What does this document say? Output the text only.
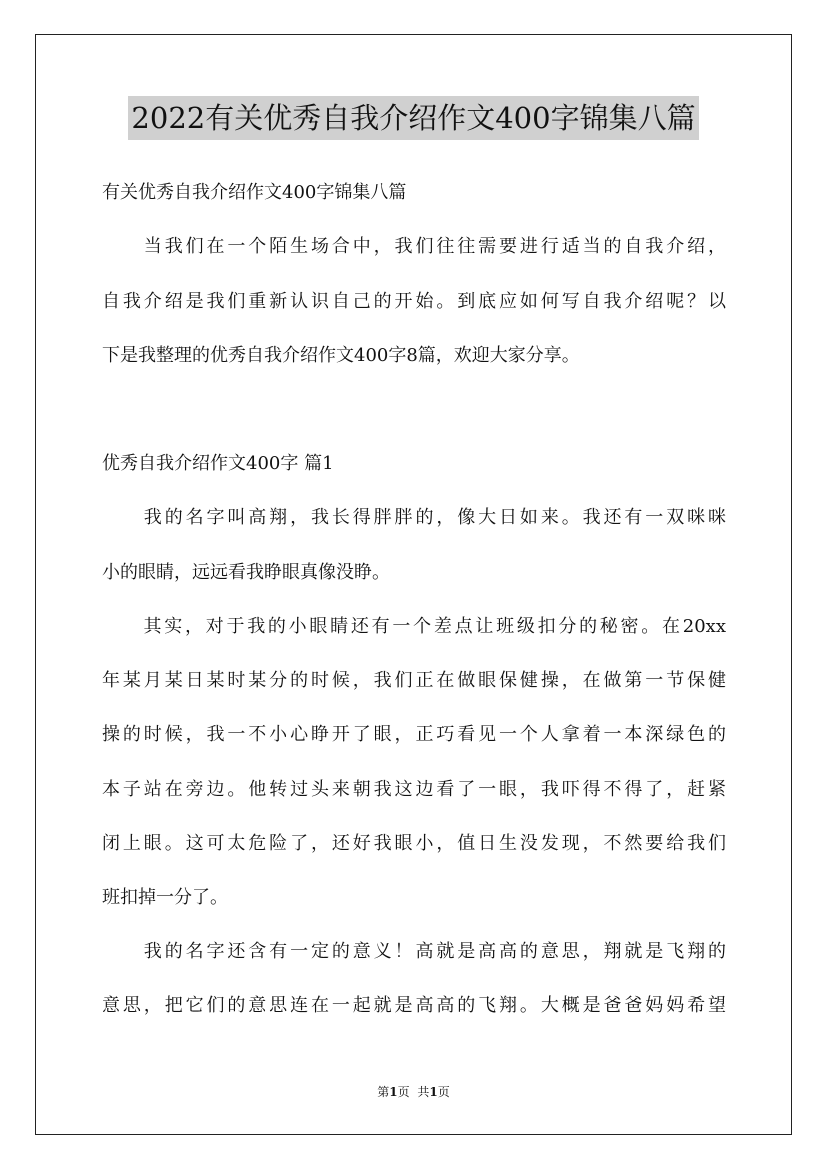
2022有关优秀自我介绍作文400字锦集八篇
有关优秀自我介绍作文400字锦集八篇
　　当我们在一个陌生场合中，我们往往需要进行适当的自我介绍，
自我介绍是我们重新认识自己的开始。到底应如何写自我介绍呢？以
下是我整理的优秀自我介绍作文400字8篇，欢迎大家分享。
优秀自我介绍作文400字 篇1
　　我的名字叫高翔，我长得胖胖的，像大日如来。我还有一双咪咪
小的眼睛，远远看我睁眼真像没睁。
　　其实，对于我的小眼睛还有一个差点让班级扣分的秘密。在20xx
年某月某日某时某分的时候，我们正在做眼保健操，在做第一节保健
操的时候，我一不小心睁开了眼，正巧看见一个人拿着一本深绿色的
本子站在旁边。他转过头来朝我这边看了一眼，我吓得不得了，赶紧
闭上眼。这可太危险了，还好我眼小，值日生没发现，不然要给我们
班扣掉一分了。
　　我的名字还含有一定的意义！高就是高高的意思，翔就是飞翔的
意思，把它们的意思连在一起就是高高的飞翔。大概是爸爸妈妈希望
第1页 共1页
